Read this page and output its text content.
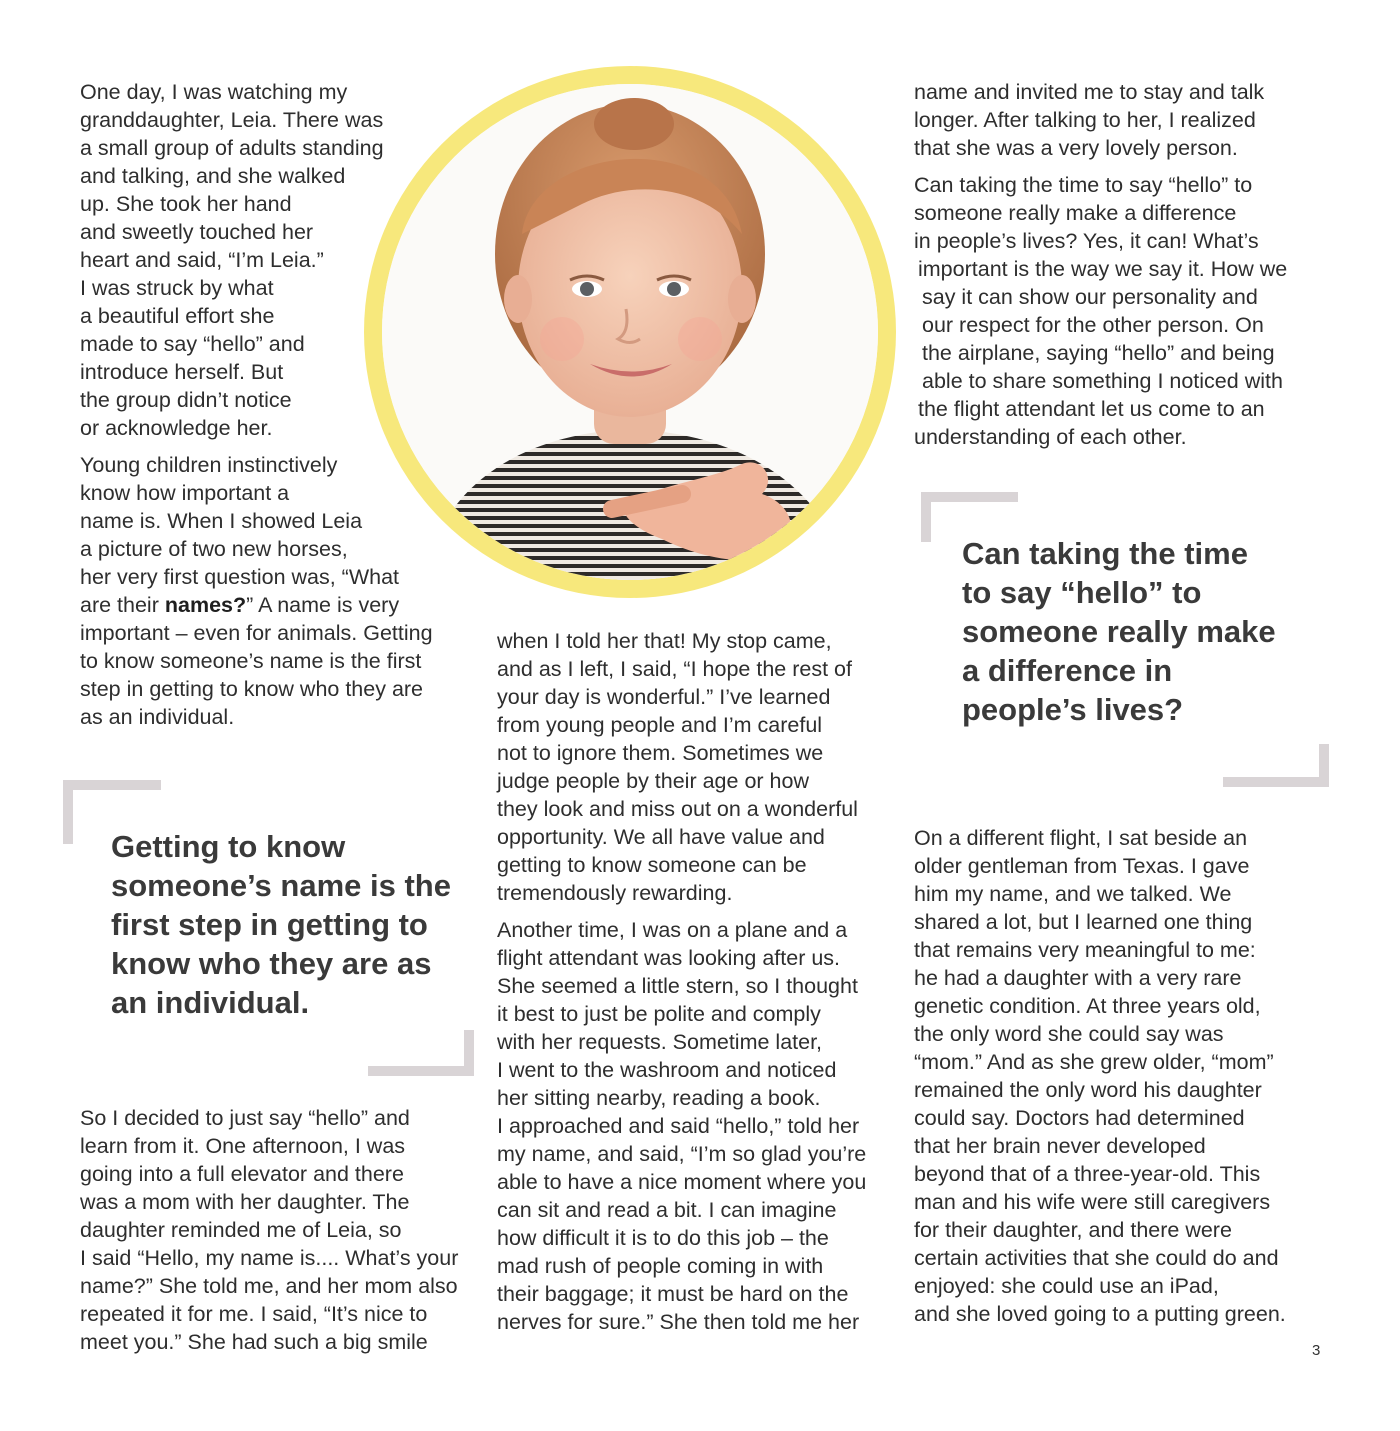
One day, I was watching my
granddaughter, Leia. There was
a small group of adults standing
and talking, and she walked
up. She took her hand
and sweetly touched her
heart and said, “I’m Leia.”
I was struck by what
a beautiful effort she
made to say “hello” and
introduce herself. But
the group didn’t notice
or acknowledge her.
Young children instinctively
know how important a
name is. When I showed Leia
a picture of two new horses,
her very first question was, “What
are their names?” A name is very
important – even for animals. Getting
to know someone’s name is the first
step in getting to know who they are
as an individual.
Getting to know
someone’s name is the
first step in getting to
know who they are as
an individual.
So I decided to just say “hello” and
learn from it. One afternoon, I was
going into a full elevator and there
was a mom with her daughter. The
daughter reminded me of Leia, so
I said “Hello, my name is.... What’s your
name?” She told me, and her mom also
repeated it for me. I said, “It’s nice to
meet you.” She had such a big smile
when I told her that! My stop came,
and as I left, I said, “I hope the rest of
your day is wonderful.” I’ve learned
from young people and I’m careful
not to ignore them. Sometimes we
judge people by their age or how
they look and miss out on a wonderful
opportunity. We all have value and
getting to know someone can be
tremendously rewarding.
Another time, I was on a plane and a
flight attendant was looking after us.
She seemed a little stern, so I thought
it best to just be polite and comply
with her requests. Sometime later,
I went to the washroom and noticed
her sitting nearby, reading a book.
I approached and said “hello,” told her
my name, and said, “I’m so glad you’re
able to have a nice moment where you
can sit and read a bit. I can imagine
how difficult it is to do this job – the
mad rush of people coming in with
their baggage; it must be hard on the
nerves for sure.” She then told me her
name and invited me to stay and talk
longer. After talking to her, I realized
that she was a very lovely person.
Can taking the time to say “hello” to
someone really make a difference
in people’s lives? Yes, it can! What’s
important is the way we say it. How we
say it can show our personality and
our respect for the other person. On
the airplane, saying “hello” and being
able to share something I noticed with
the flight attendant let us come to an
understanding of each other.
Can taking the time
to say “hello” to
someone really make
a difference in
people’s lives?
On a different flight, I sat beside an
older gentleman from Texas. I gave
him my name, and we talked. We
shared a lot, but I learned one thing
that remains very meaningful to me:
he had a daughter with a very rare
genetic condition. At three years old,
the only word she could say was
“mom.” And as she grew older, “mom”
remained the only word his daughter
could say. Doctors had determined
that her brain never developed
beyond that of a three-year-old. This
man and his wife were still caregivers
for their daughter, and there were
certain activities that she could do and
enjoyed: she could use an iPad,
and she loved going to a putting green.
3
